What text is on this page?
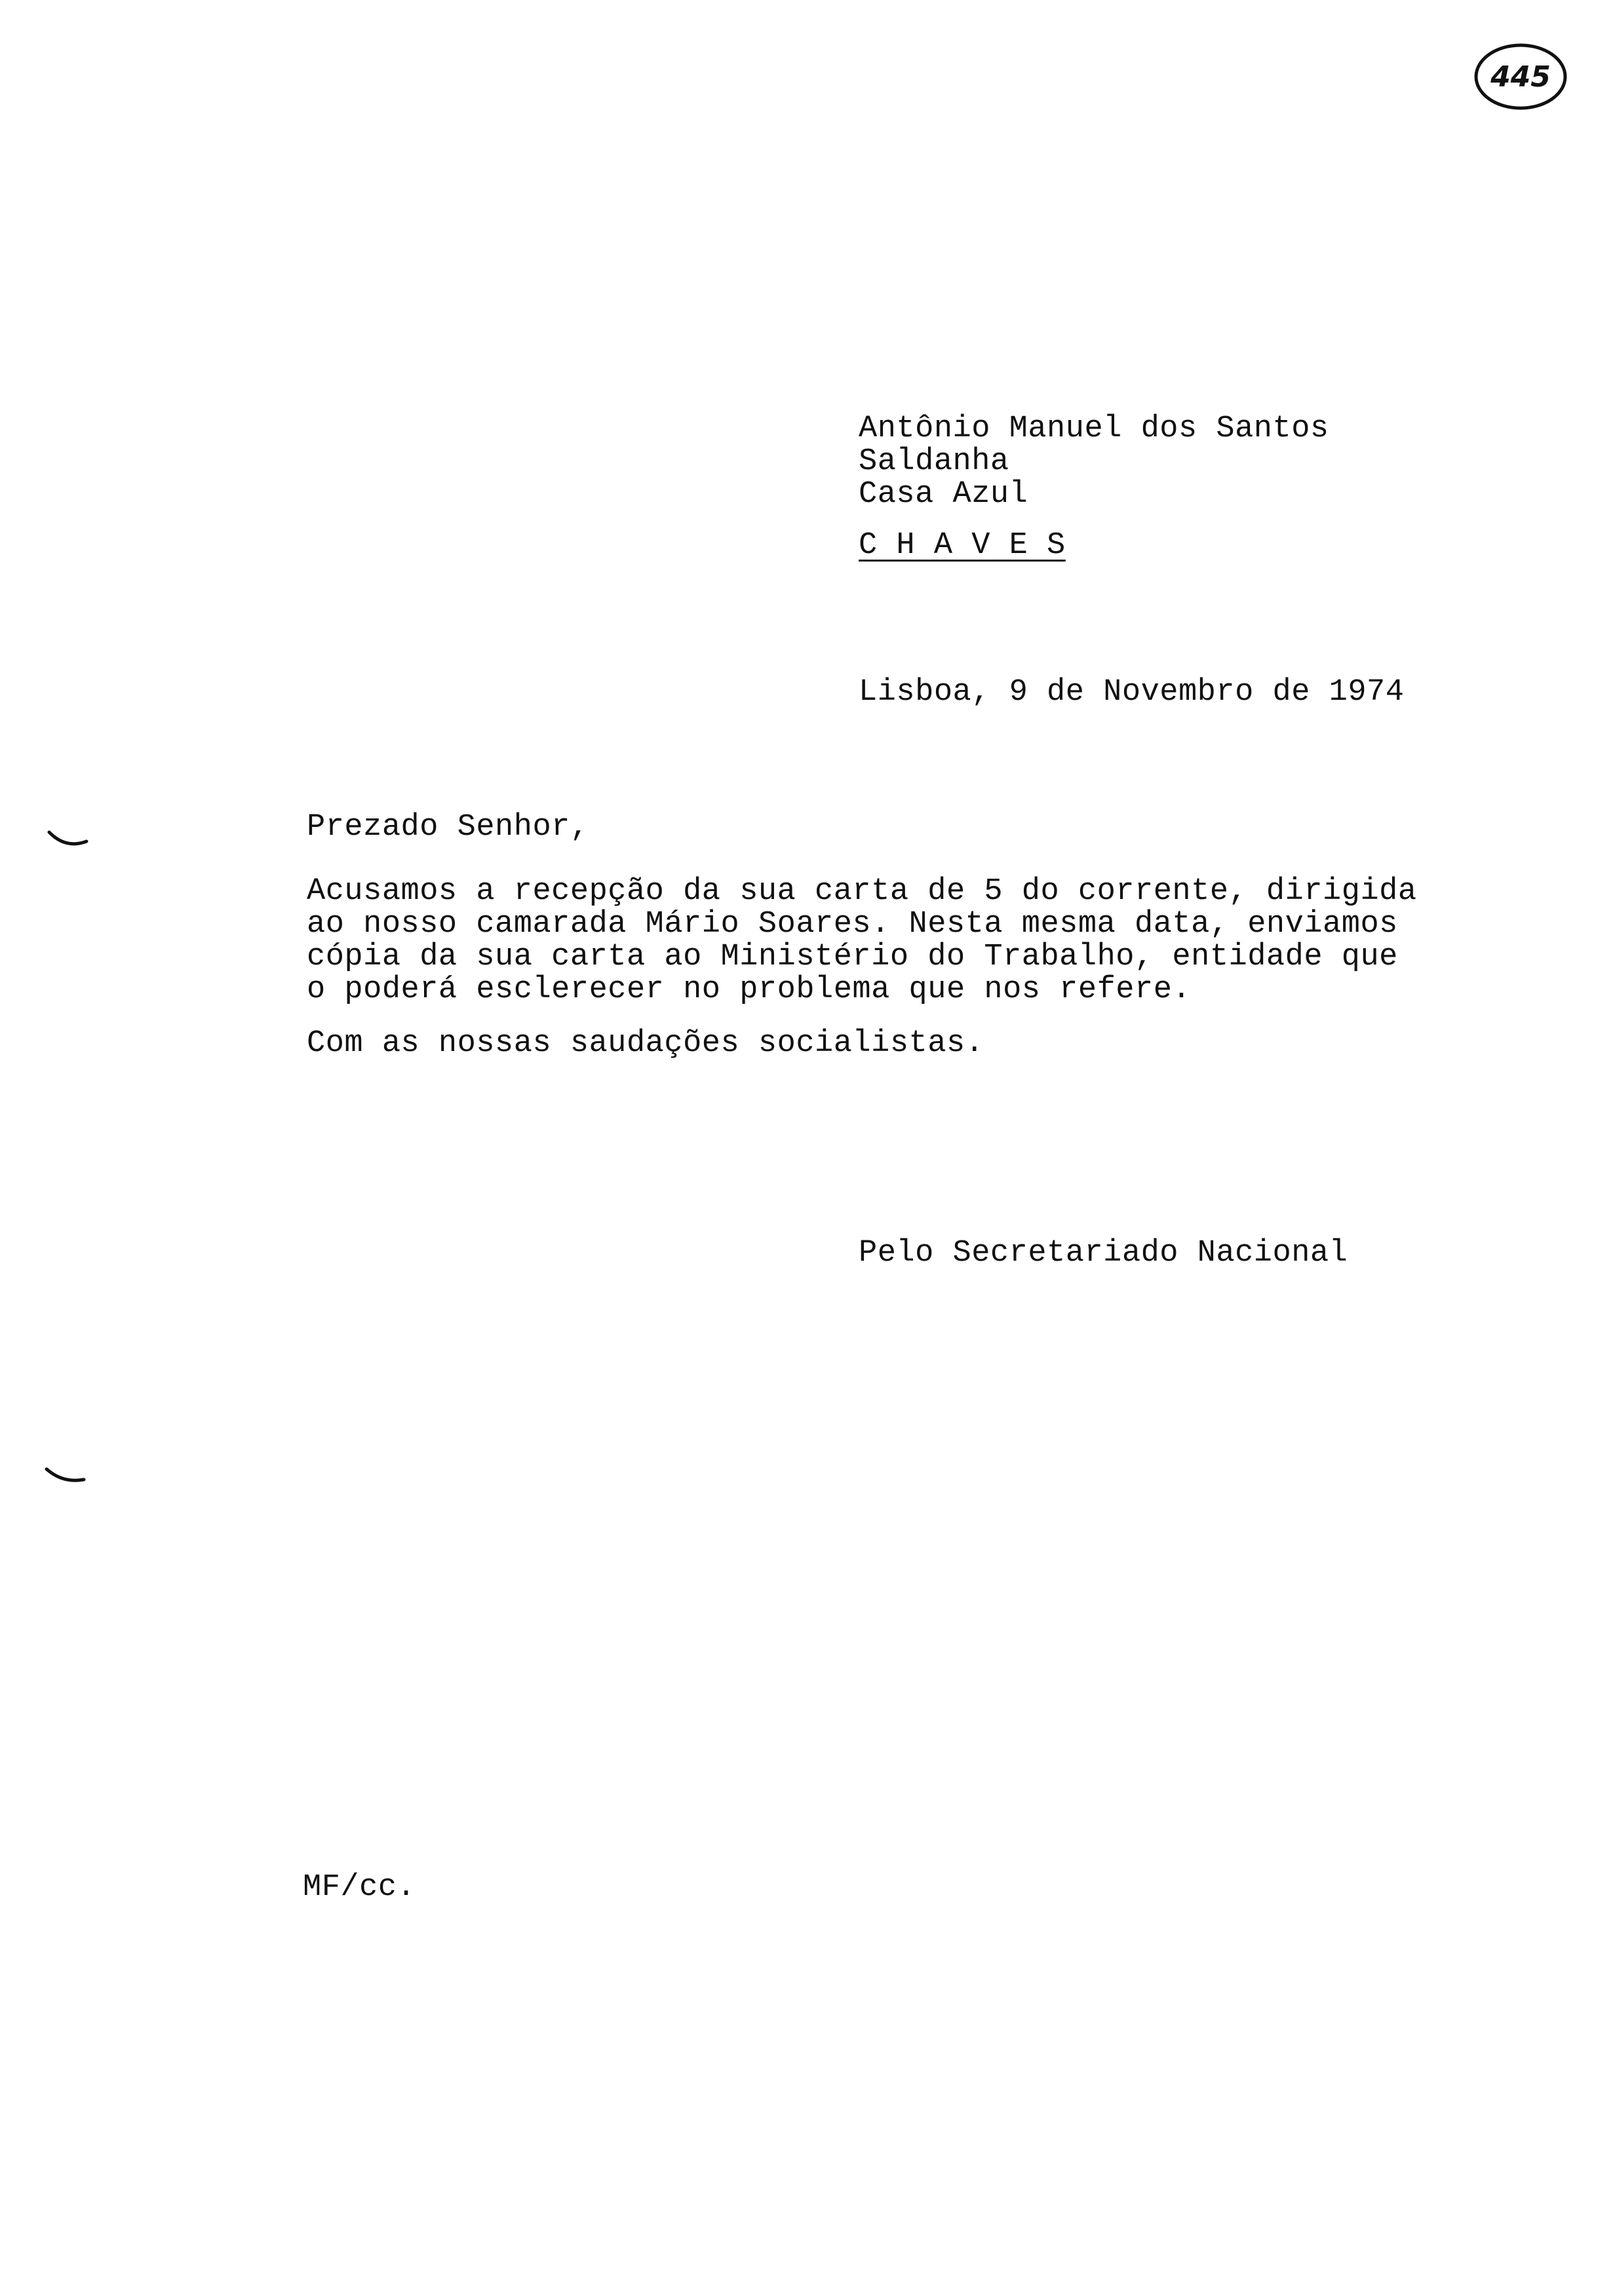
445
Antônio Manuel dos Santos
Saldanha
Casa Azul
C H A V E S
Lisboa, 9 de Novembro de 1974
Prezado Senhor,
Acusamos a recepção da sua carta de 5 do corrente, dirigida
ao nosso camarada Mário Soares. Nesta mesma data, enviamos
cópia da sua carta ao Ministério do Trabalho, entidade que
o poderá esclerecer no problema que nos refere.
Com as nossas saudações socialistas.
Pelo Secretariado Nacional
MF/cc.
